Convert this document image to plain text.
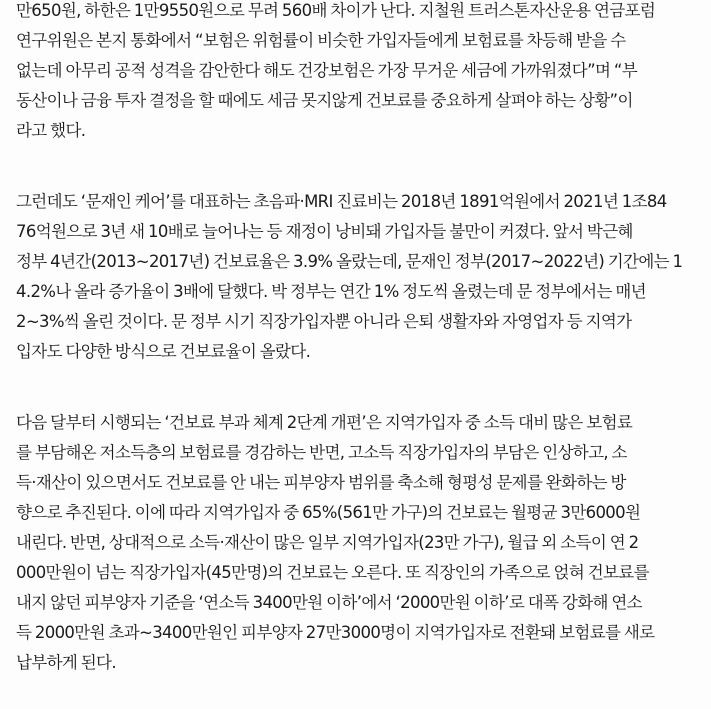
만650원, 하한은 1만9550원으로 무려 560배 차이가 난다. 지철원 트러스톤자산운용 연금포럼
연구위원은 본지 통화에서 “보험은 위험률이 비슷한 가입자들에게 보험료를 차등해 받을 수
없는데 아무리 공적 성격을 감안한다 해도 건강보험은 가장 무거운 세금에 가까워졌다”며 “부
동산이나 금융 투자 결정을 할 때에도 세금 못지않게 건보료를 중요하게 살펴야 하는 상황”이
라고 했다.
그런데도 ‘문재인 케어’를 대표하는 초음파·MRI 진료비는 2018년 1891억원에서 2021년 1조84
76억원으로 3년 새 10배로 늘어나는 등 재정이 낭비돼 가입자들 불만이 커졌다. 앞서 박근혜
정부 4년간(2013~2017년) 건보료율은 3.9% 올랐는데, 문재인 정부(2017~2022년) 기간에는 1
4.2%나 올라 증가율이 3배에 달했다. 박 정부는 연간 1% 정도씩 올렸는데 문 정부에서는 매년
2~3%씩 올린 것이다. 문 정부 시기 직장가입자뿐 아니라 은퇴 생활자와 자영업자 등 지역가
입자도 다양한 방식으로 건보료율이 올랐다.
다음 달부터 시행되는 ‘건보료 부과 체계 2단계 개편’은 지역가입자 중 소득 대비 많은 보험료
를 부담해온 저소득층의 보험료를 경감하는 반면, 고소득 직장가입자의 부담은 인상하고, 소
득·재산이 있으면서도 건보료를 안 내는 피부양자 범위를 축소해 형평성 문제를 완화하는 방
향으로 추진된다. 이에 따라 지역가입자 중 65%(561만 가구)의 건보료는 월평균 3만6000원
내린다. 반면, 상대적으로 소득·재산이 많은 일부 지역가입자(23만 가구), 월급 외 소득이 연 2
000만원이 넘는 직장가입자(45만명)의 건보료는 오른다. 또 직장인의 가족으로 얹혀 건보료를
내지 않던 피부양자 기준을 ‘연소득 3400만원 이하’에서 ‘2000만원 이하’로 대폭 강화해 연소
득 2000만원 초과~3400만원인 피부양자 27만3000명이 지역가입자로 전환돼 보험료를 새로
납부하게 된다.
